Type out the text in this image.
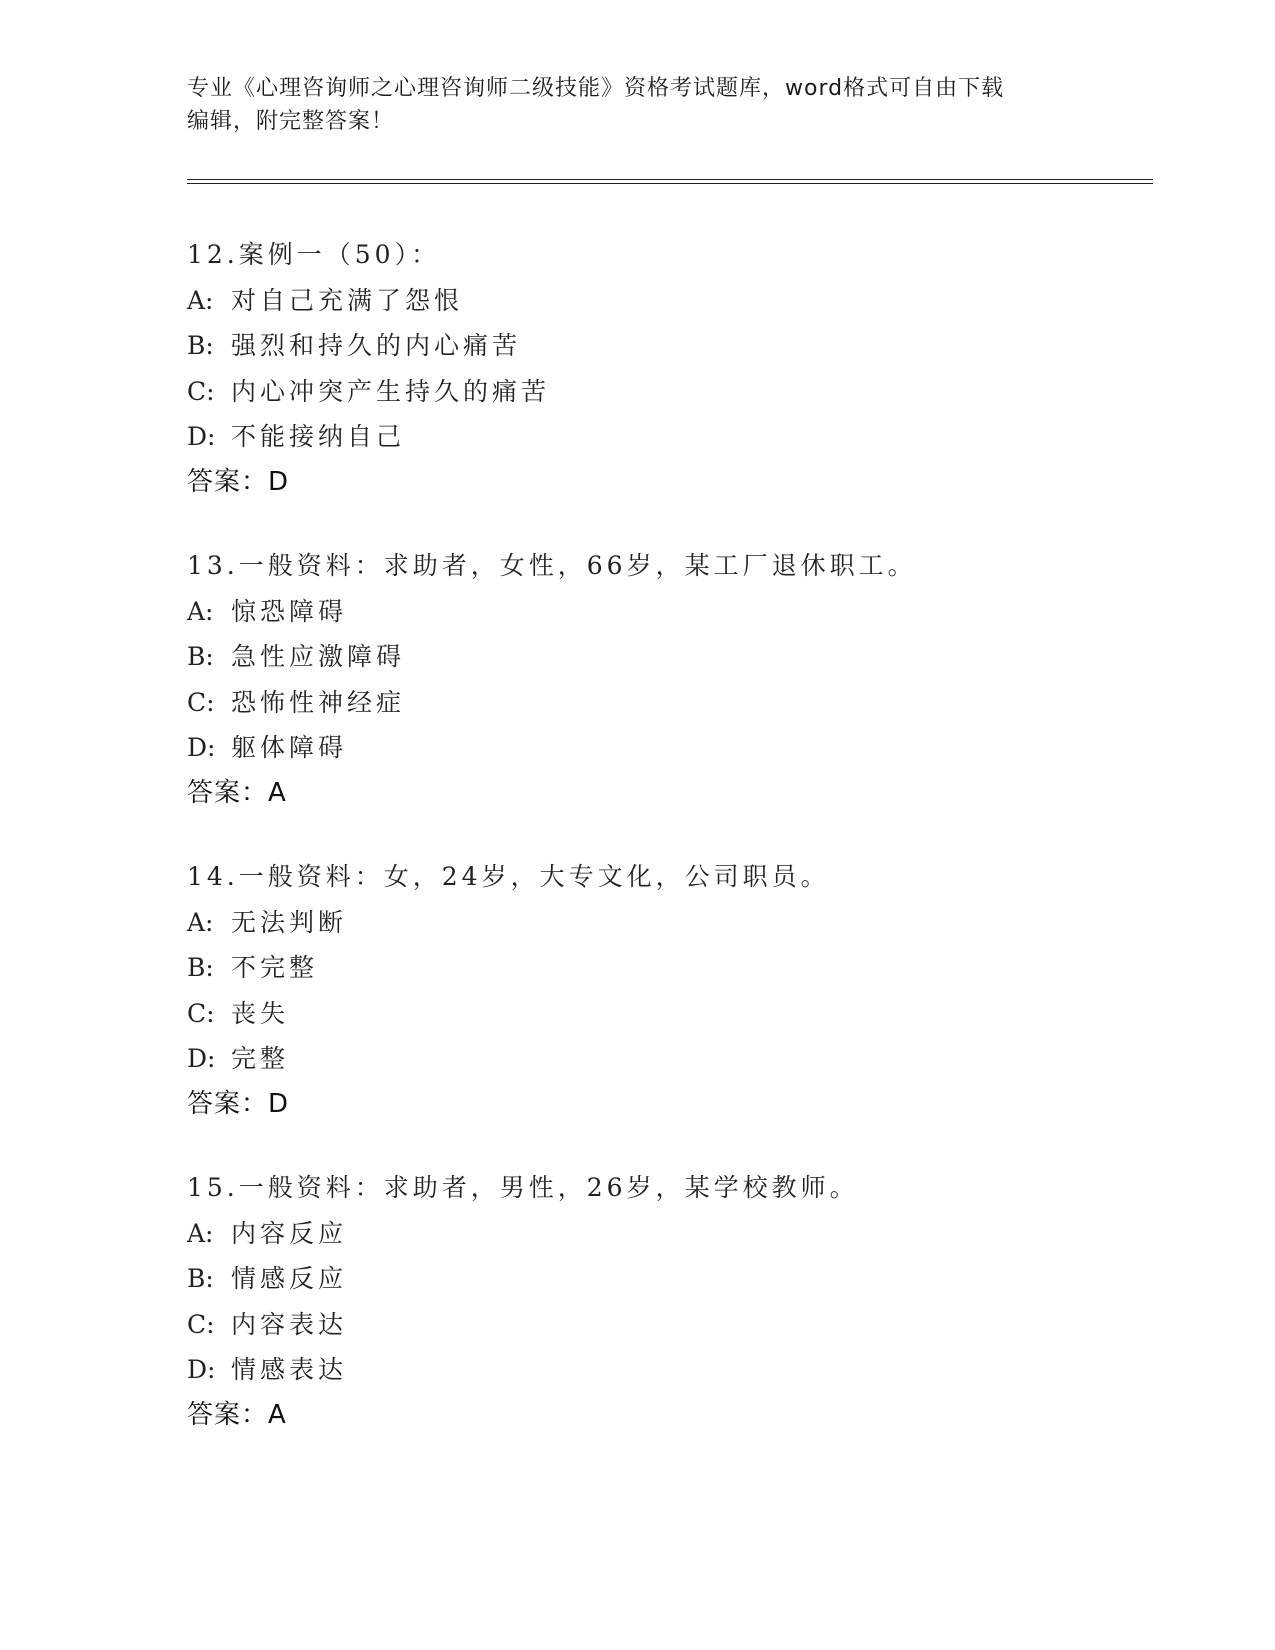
专业《心理咨询师之心理咨询师二级技能》资格考试题库，word格式可自由下载
编辑，附完整答案！
12.案例一（50）：
A: 对自己充满了怨恨
B: 强烈和持久的内心痛苦
C: 内心冲突产生持久的痛苦
D: 不能接纳自己
答案：D
13.一般资料：求助者，女性，66岁，某工厂退休职工。
A: 惊恐障碍
B: 急性应激障碍
C: 恐怖性神经症
D: 躯体障碍
答案：A
14.一般资料：女，24岁，大专文化，公司职员。
A: 无法判断
B: 不完整
C: 丧失
D: 完整
答案：D
15.一般资料：求助者，男性，26岁，某学校教师。
A: 内容反应
B: 情感反应
C: 内容表达
D: 情感表达
答案：A
